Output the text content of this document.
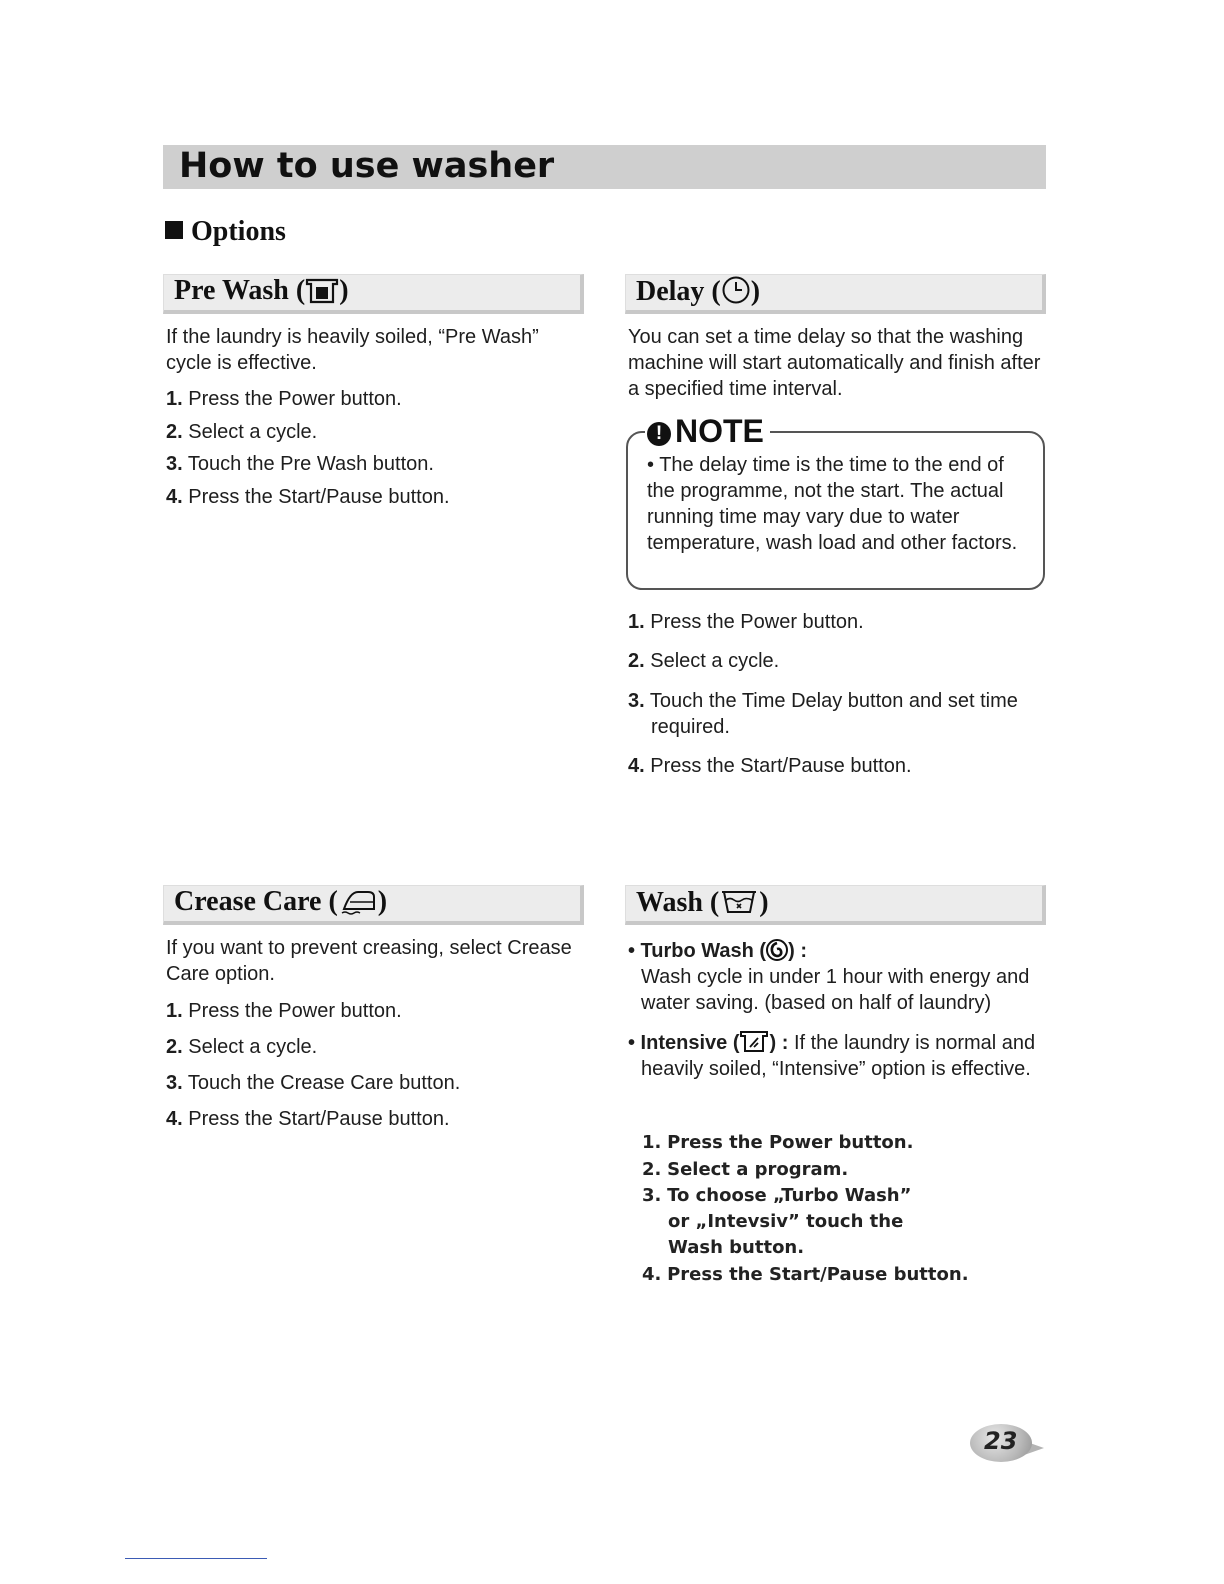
How to use washer
Options
Pre Wash ( )
If the laundry is heavily soiled, “Pre Wash” cycle is effective.
1. Press the Power button.
2. Select a cycle.
3. Touch the Pre Wash button.
4. Press the Start/Pause button.
Delay ( )
You can set a time delay so that the washing machine will start automatically and finish after a specified time interval.
! NOTE
• The delay time is the time to the end of the programme, not the start. The actual running time may vary due to water temperature, wash load and other factors.
1. Press the Power button.
2. Select a cycle.
3. Touch the Time Delay button and set time required.
4. Press the Start/Pause button.
Crease Care ( )
If you want to prevent creasing, select Crease Care option.
1. Press the Power button.
2. Select a cycle.
3. Touch the Crease Care button.
4. Press the Start/Pause button.
Wash ( )
• Turbo Wash ( ) :
Wash cycle in under 1 hour with energy and water saving. (based on half of laundry)
• Intensive ( ) : If the laundry is normal and heavily soiled, “Intensive” option is effective.
1. Press the Power button.
2. Select a program.
3. To choose „Turbo Wash” or „Intevsiv” touch the Wash button.
4. Press the Start/Pause button.
23
